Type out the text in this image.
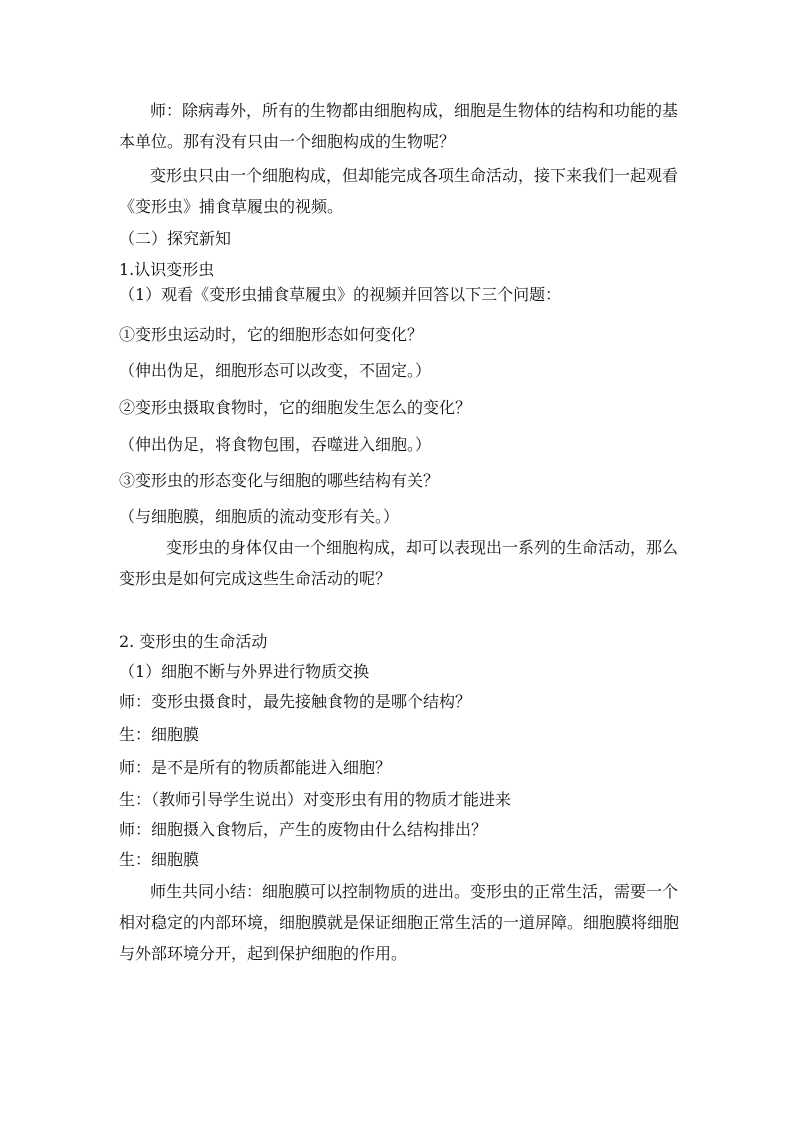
师：除病毒外，所有的生物都由细胞构成，细胞是生物体的结构和功能的基
本单位。那有没有只由一个细胞构成的生物呢？
变形虫只由一个细胞构成，但却能完成各项生命活动，接下来我们一起观看
《变形虫》捕食草履虫的视频。
（二）探究新知
1.认识变形虫
（1）观看《变形虫捕食草履虫》的视频并回答以下三个问题：
①变形虫运动时，它的细胞形态如何变化？
（伸出伪足，细胞形态可以改变，不固定。）
②变形虫摄取食物时，它的细胞发生怎么的变化？
（伸出伪足，将食物包围，吞噬进入细胞。）
③变形虫的形态变化与细胞的哪些结构有关？
（与细胞膜，细胞质的流动变形有关。）
变形虫的身体仅由一个细胞构成，却可以表现出一系列的生命活动，那么
变形虫是如何完成这些生命活动的呢？
2. 变形虫的生命活动
（1）细胞不断与外界进行物质交换
师：变形虫摄食时，最先接触食物的是哪个结构？
生：细胞膜
师：是不是所有的物质都能进入细胞？
生：（教师引导学生说出）对变形虫有用的物质才能进来
师：细胞摄入食物后，产生的废物由什么结构排出？
生：细胞膜
师生共同小结：细胞膜可以控制物质的进出。变形虫的正常生活，需要一个
相对稳定的内部环境，细胞膜就是保证细胞正常生活的一道屏障。细胞膜将细胞
与外部环境分开，起到保护细胞的作用。
